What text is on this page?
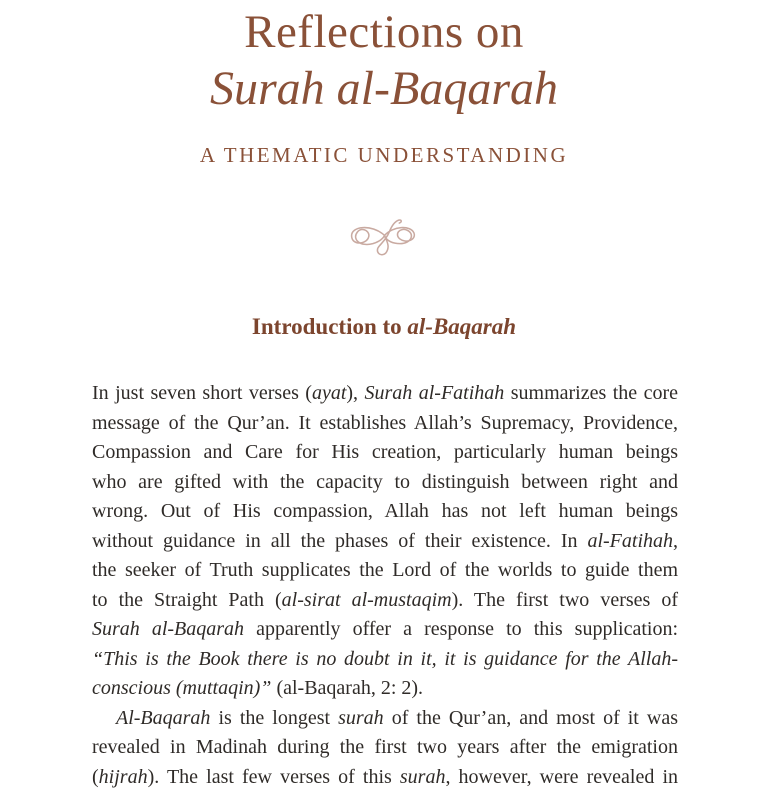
Reflections on
Surah al-Baqarah
A THEMATIC UNDERSTANDING
Introduction to al-Baqarah
In just seven short verses (ayat), Surah al-Fatihah summarizes the core
message of the Qur’an. It establishes Allah’s Supremacy, Providence,
Compassion and Care for His creation, particularly human beings
who are gifted with the capacity to distinguish between right and
wrong. Out of His compassion, Allah has not left human beings
without guidance in all the phases of their existence. In al-Fatihah,
the seeker of Truth supplicates the Lord of the worlds to guide them
to the Straight Path (al-sirat al-mustaqim). The first two verses of
Surah al-Baqarah apparently offer a response to this supplication:
“This is the Book there is no doubt in it, it is guidance for the Allah-
conscious (muttaqin)” (al-Baqarah, 2: 2).
Al-Baqarah is the longest surah of the Qur’an, and most of it was
revealed in Madinah during the first two years after the emigration
(hijrah). The last few verses of this surah, however, were revealed in
